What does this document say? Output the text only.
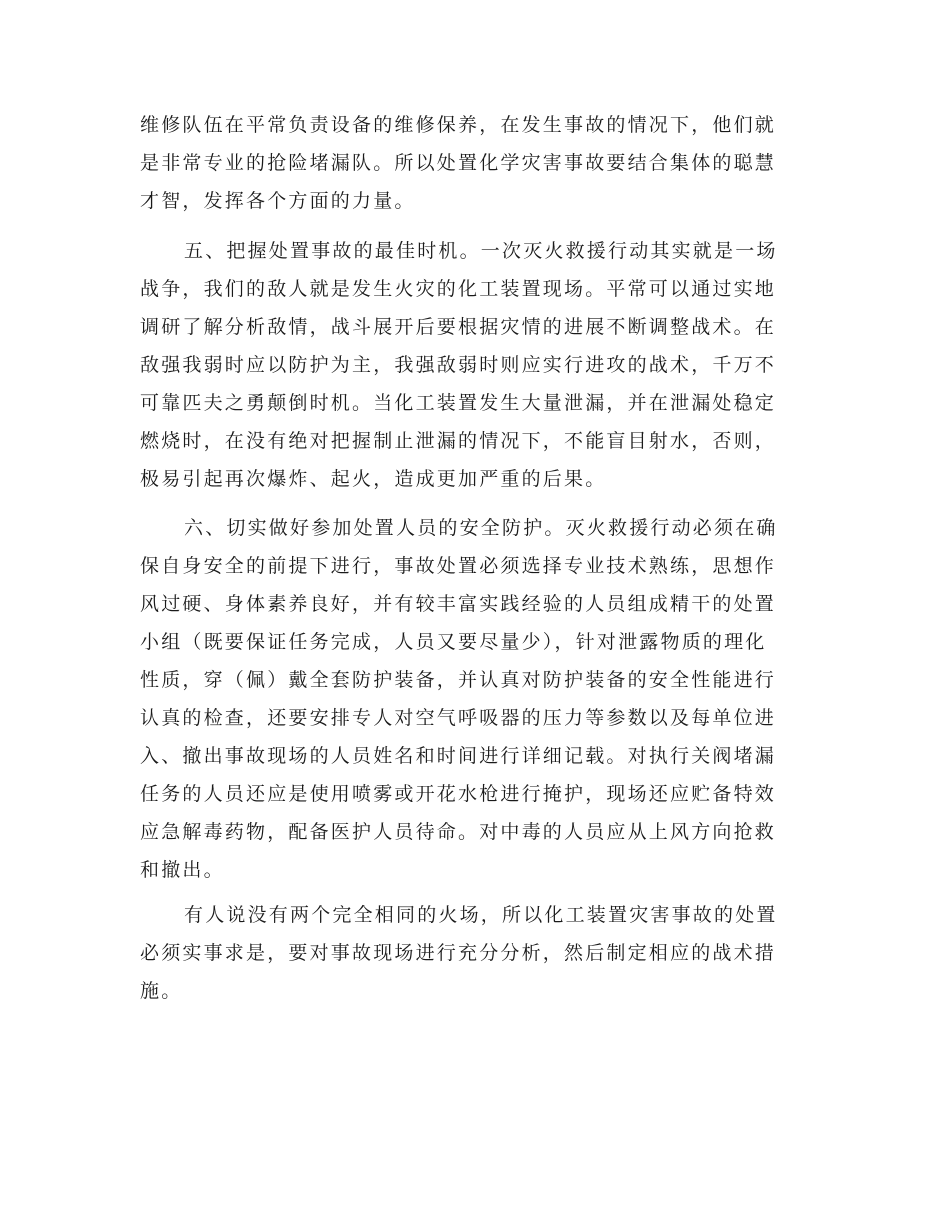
维修队伍在平常负责设备的维修保养，在发生事故的情况下，他们就
是非常专业的抢险堵漏队。所以处置化学灾害事故要结合集体的聪慧
才智，发挥各个方面的力量。
五、把握处置事故的最佳时机。一次灭火救援行动其实就是一场
战争，我们的敌人就是发生火灾的化工装置现场。平常可以通过实地
调研了解分析敌情，战斗展开后要根据灾情的进展不断调整战术。在
敌强我弱时应以防护为主，我强敌弱时则应实行进攻的战术，千万不
可靠匹夫之勇颠倒时机。当化工装置发生大量泄漏，并在泄漏处稳定
燃烧时，在没有绝对把握制止泄漏的情况下，不能盲目射水，否则，
极易引起再次爆炸、起火，造成更加严重的后果。
六、切实做好参加处置人员的安全防护。灭火救援行动必须在确
保自身安全的前提下进行，事故处置必须选择专业技术熟练，思想作
风过硬、身体素养良好，并有较丰富实践经验的人员组成精干的处置
小组（既要保证任务完成，人员又要尽量少），针对泄露物质的理化
性质，穿（佩）戴全套防护装备，并认真对防护装备的安全性能进行
认真的检查，还要安排专人对空气呼吸器的压力等参数以及每单位进
入、撤出事故现场的人员姓名和时间进行详细记载。对执行关阀堵漏
任务的人员还应是使用喷雾或开花水枪进行掩护，现场还应贮备特效
应急解毒药物，配备医护人员待命。对中毒的人员应从上风方向抢救
和撤出。
有人说没有两个完全相同的火场，所以化工装置灾害事故的处置
必须实事求是，要对事故现场进行充分分析，然后制定相应的战术措
施。
